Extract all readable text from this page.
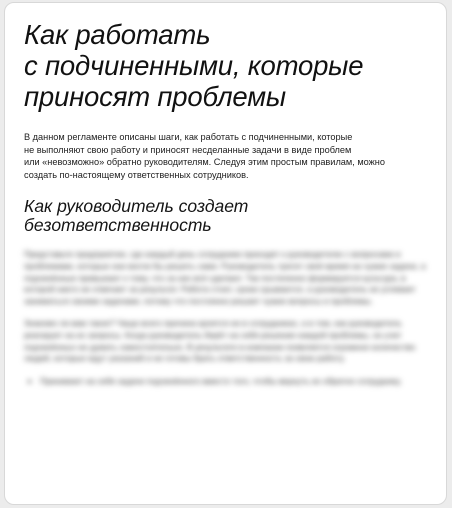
Как работать
с подчиненными, которые
приносят проблемы

В данном регламенте описаны шаги, как работать с подчиненными, которые
не выполняют свою работу и приносят несделанные задачи в виде проблем
или «невозможно» обратно руководителям. Следуя этим простым правилам, можно
создать по-настоящему ответственных сотрудников.

Как руководитель создает
безответственность

Представьте предприятие, где каждый день сотрудники приходят к руководителю с вопросами и проблемами, которые они могли бы решить сами. Руководитель тратит своё время на чужие задачи, а подчинённые привыкают к тому, что за них всё сделают. Так постепенно формируется культура, в которой никто не отвечает за результат. Работа стоит, сроки срываются, а руководитель не успевает заниматься своими задачами, потому что постоянно решает чужие вопросы и проблемы.

Знакомо ли вам такое? Чаще всего причина кроется не в сотрудниках, а в том, как руководитель реагирует на их запросы. Когда руководитель берёт на себя решение каждой проблемы, он учит подчинённых не думать самостоятельно. В результате в компании появляется огромное количество людей, которые ждут указаний и не готовы брать ответственность за свою работу.

• Принимает на себя задачи подчинённого вместо того, чтобы вернуть их обратно сотруднику.
